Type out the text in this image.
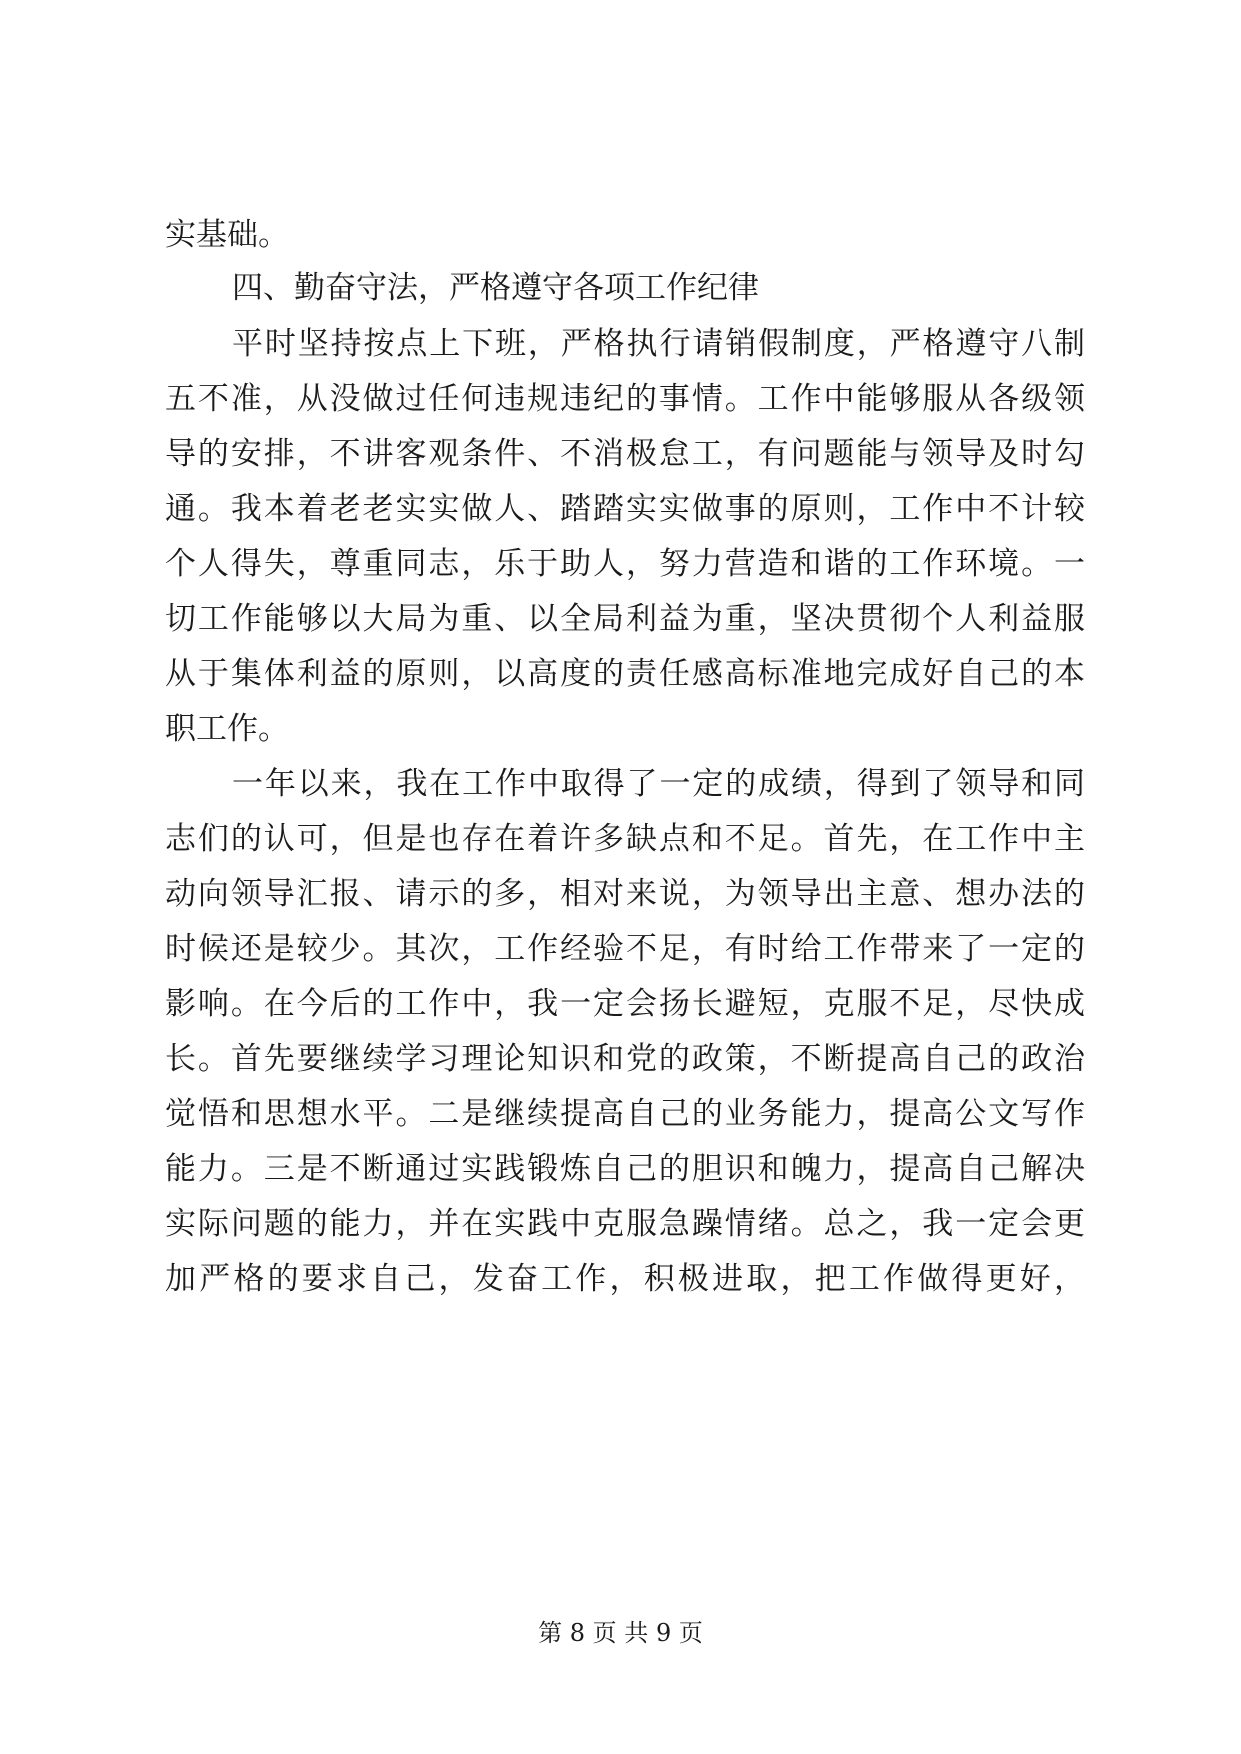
实基础。
四、勤奋守法，严格遵守各项工作纪律
平时坚持按点上下班，严格执行请销假制度，严格遵守八制
五不准，从没做过任何违规违纪的事情。工作中能够服从各级领
导的安排，不讲客观条件、不消极怠工，有问题能与领导及时勾
通。我本着老老实实做人、踏踏实实做事的原则，工作中不计较
个人得失，尊重同志，乐于助人，努力营造和谐的工作环境。一
切工作能够以大局为重、以全局利益为重，坚决贯彻个人利益服
从于集体利益的原则，以高度的责任感高标准地完成好自己的本
职工作。
一年以来，我在工作中取得了一定的成绩，得到了领导和同
志们的认可，但是也存在着许多缺点和不足。首先，在工作中主
动向领导汇报、请示的多，相对来说，为领导出主意、想办法的
时候还是较少。其次，工作经验不足，有时给工作带来了一定的
影响。在今后的工作中，我一定会扬长避短，克服不足，尽快成
长。首先要继续学习理论知识和党的政策，不断提高自己的政治
觉悟和思想水平。二是继续提高自己的业务能力，提高公文写作
能力。三是不断通过实践锻炼自己的胆识和魄力，提高自己解决
实际问题的能力，并在实践中克服急躁情绪。总之，我一定会更
加严格的要求自己，发奋工作，积极进取，把工作做得更好，
第 8 页 共 9 页
